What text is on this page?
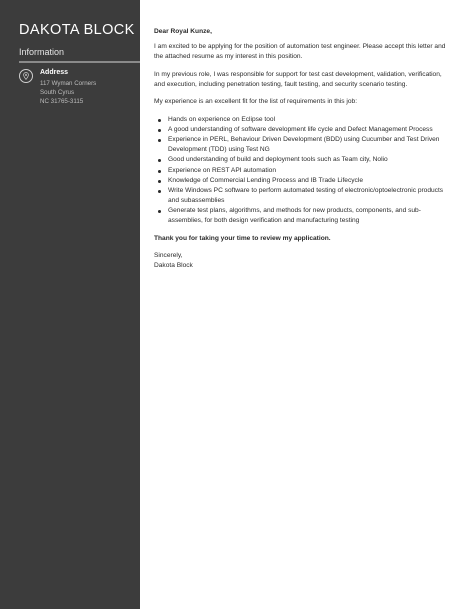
DAKOTA BLOCK
Information
Address
117 Wyman Corners
South Cyrus
NC 31765-3115

Dear Royal Kunze,

I am excited to be applying for the position of automation test engineer. Please accept this letter and the attached resume as my interest in this position.

In my previous role, I was responsible for support for test cast development, validation, verification, and execution, including penetration testing, fault testing, and security scenario testing.

My experience is an excellent fit for the list of requirements in this job:

Hands on experience on Eclipse tool
A good understanding of software development life cycle and Defect Management Process
Experience in PERL, Behaviour Driven Development (BDD) using Cucumber and Test Driven Development (TDD) using Test NG
Good understanding of build and deployment tools such as Team city, Nolio
Experience on REST API automation
Knowledge of Commercial Lending Process and IB Trade Lifecycle
Write Windows PC software to perform automated testing of electronic/optoelectronic products and subassemblies
Generate test plans, algorithms, and methods for new products, components, and sub-assemblies, for both design verification and manufacturing testing

Thank you for taking your time to review my application.

Sincerely,

Dakota Block
